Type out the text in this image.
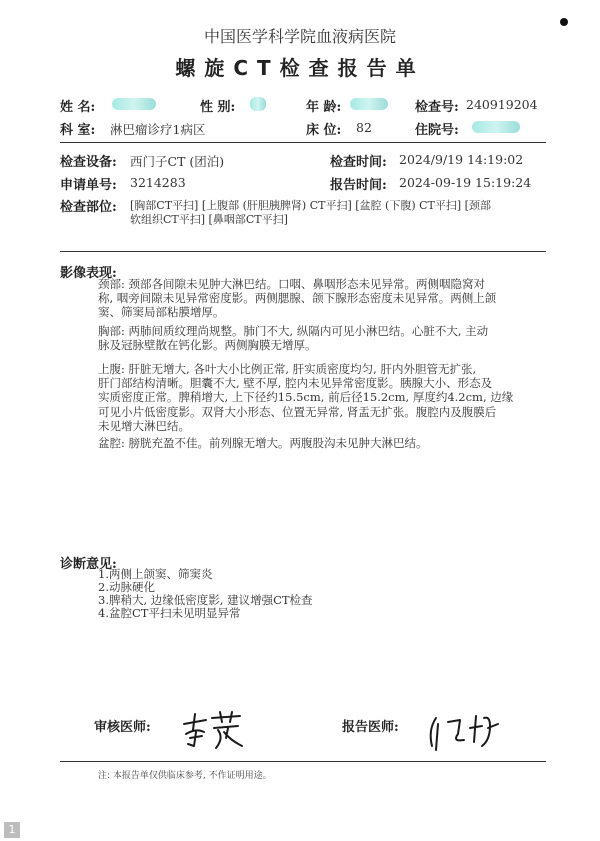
中国医学科学院血液病医院
螺旋CT检查报告单
姓 名:	性 别:	年 龄:	检查号: 240919204
科 室: 淋巴瘤诊疗1病区	床 位: 82	住院号:
检查设备: 西门子CT (团泊)	检查时间: 2024/9/19 14:19:02
申请单号: 3214283	报告时间: 2024-09-19 15:19:24
检查部位: [胸部CT平扫] [上腹部 (肝胆胰脾肾) CT平扫] [盆腔 (下腹) CT平扫] [颈部
软组织CT平扫] [鼻咽部CT平扫]
影像表现:
颈部: 颈部各间隙未见肿大淋巴结。口咽、鼻咽形态未见异常。两侧咽隐窝对
称, 咽旁间隙未见异常密度影。两侧腮腺、颌下腺形态密度未见异常。两侧上颌
窦、筛窦局部粘膜增厚。
胸部: 两肺间质纹理尚规整。肺门不大, 纵隔内可见小淋巴结。心脏不大, 主动
脉及冠脉壁散在钙化影。两侧胸膜无增厚。
上腹: 肝脏无增大, 各叶大小比例正常, 肝实质密度均匀, 肝内外胆管无扩张,
肝门部结构清晰。胆囊不大, 壁不厚, 腔内未见异常密度影。胰腺大小、形态及
实质密度正常。脾稍增大, 上下径约15.5cm, 前后径15.2cm, 厚度约4.2cm, 边缘
可见小片低密度影。双肾大小形态、位置无异常, 肾盂无扩张。腹腔内及腹膜后
未见增大淋巴结。
盆腔: 膀胱充盈不佳。前列腺无增大。两腹股沟未见肿大淋巴结。
诊断意见:
1.两侧上颌窦、筛窦炎
2.动脉硬化
3.脾稍大, 边缘低密度影, 建议增强CT检查
4.盆腔CT平扫未见明显异常
审核医师:	报告医师:
注: 本报告单仅供临床参考, 不作证明用途。
1
